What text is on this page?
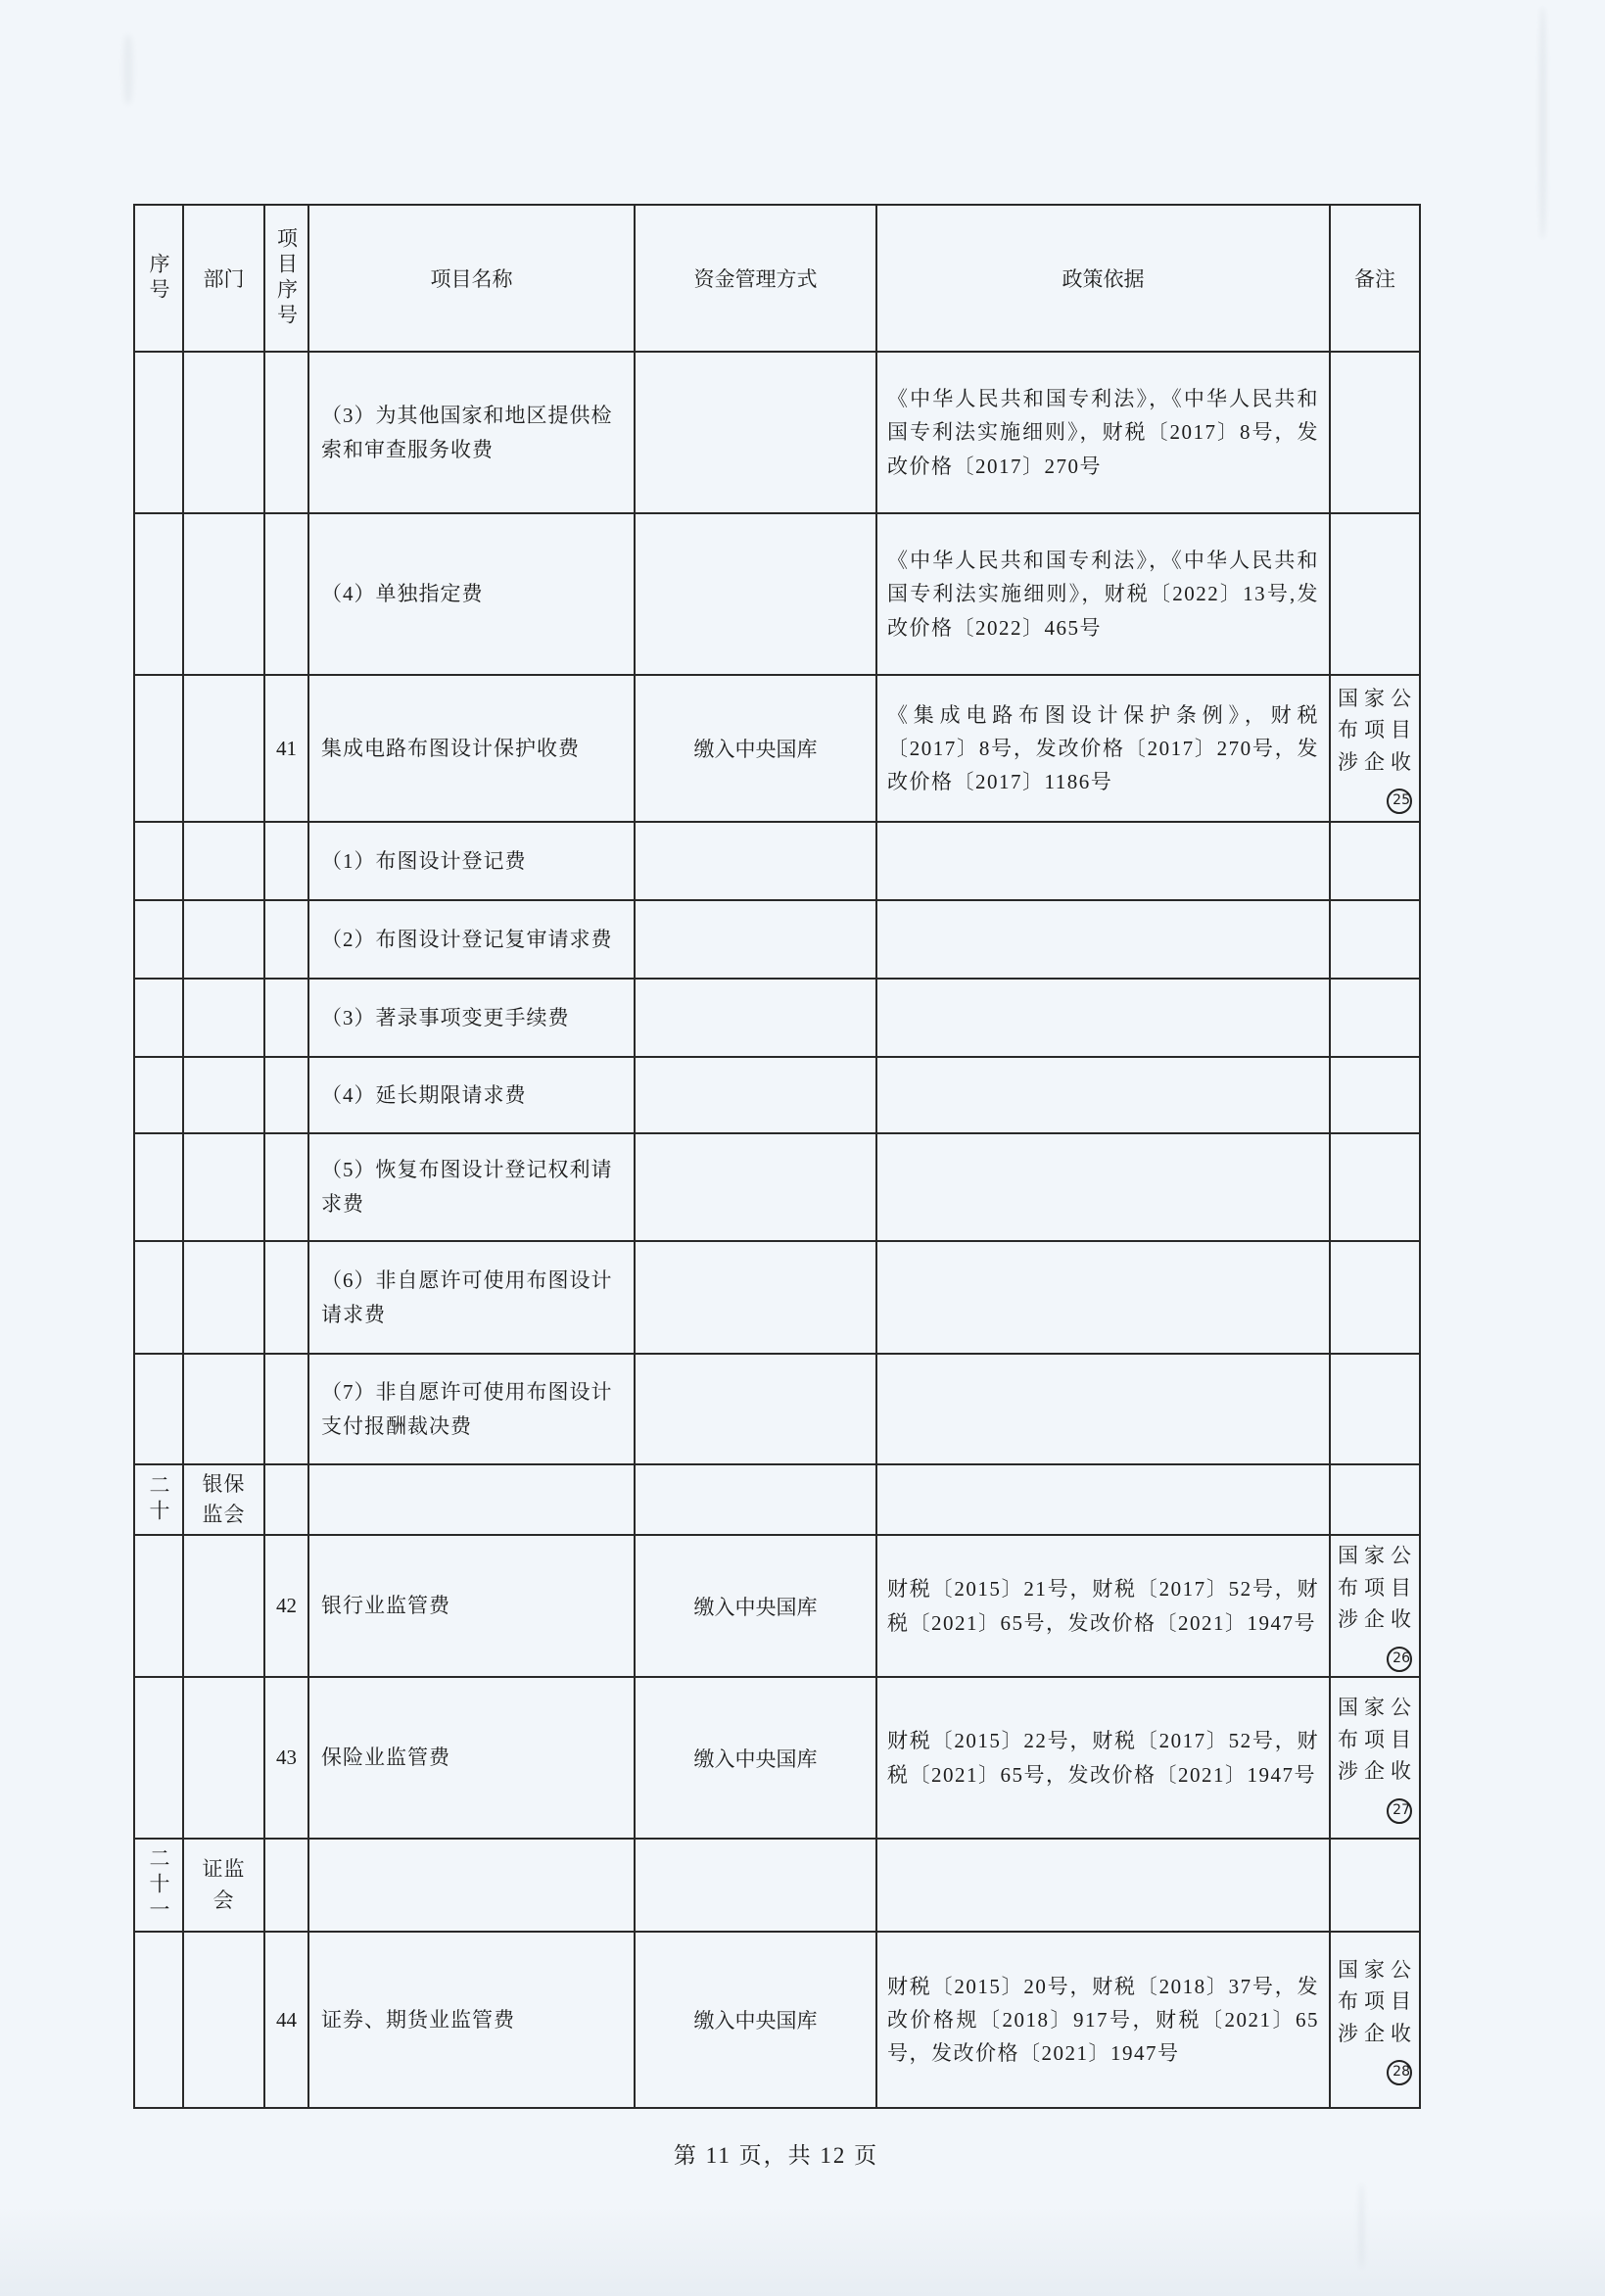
序号	部门	项目序号	项目名称	资金管理方式	政策依据	备注
			（3）为其他国家和地区提供检索和审查服务收费		《中华人民共和国专利法》，《中华人民共和国专利法实施细则》，财税〔2017〕8号，发改价格〔2017〕270号	

			（4）单独指定费		《中华人民共和国专利法》，《中华人民共和国专利法实施细则》，财税〔2022〕13号,发改价格〔2022〕465号	

		41	集成电路布图设计保护收费	缴入中央国库	《集成电路布图设计保护条例》，财税〔2017〕8号，发改价格〔2017〕270号，发改价格〔2017〕1186号	国家公布项目涉企收25

			（1）布图设计登记费			

			（2）布图设计登记复审请求费			

			（3）著录事项变更手续费			

			（4）延长期限请求费			

			（5）恢复布图设计登记权利请求费			

			（6）非自愿许可使用布图设计请求费			

			（7）非自愿许可使用布图设计支付报酬裁决费			

二十	银保监会					

		42	银行业监管费	缴入中央国库	财税〔2015〕21号，财税〔2017〕52号，财税〔2021〕65号，发改价格〔2021〕1947号	国家公布项目涉企收26

		43	保险业监管费	缴入中央国库	财税〔2015〕22号，财税〔2017〕52号，财税〔2021〕65号，发改价格〔2021〕1947号	国家公布项目涉企收27

二十一	证监会					

		44	证券、期货业监管费	缴入中央国库	财税〔2015〕20号，财税〔2018〕37号，发改价格规〔2018〕917号，财税〔2021〕65号，发改价格〔2021〕1947号	国家公布项目涉企收28
第 11 页，共 12 页
